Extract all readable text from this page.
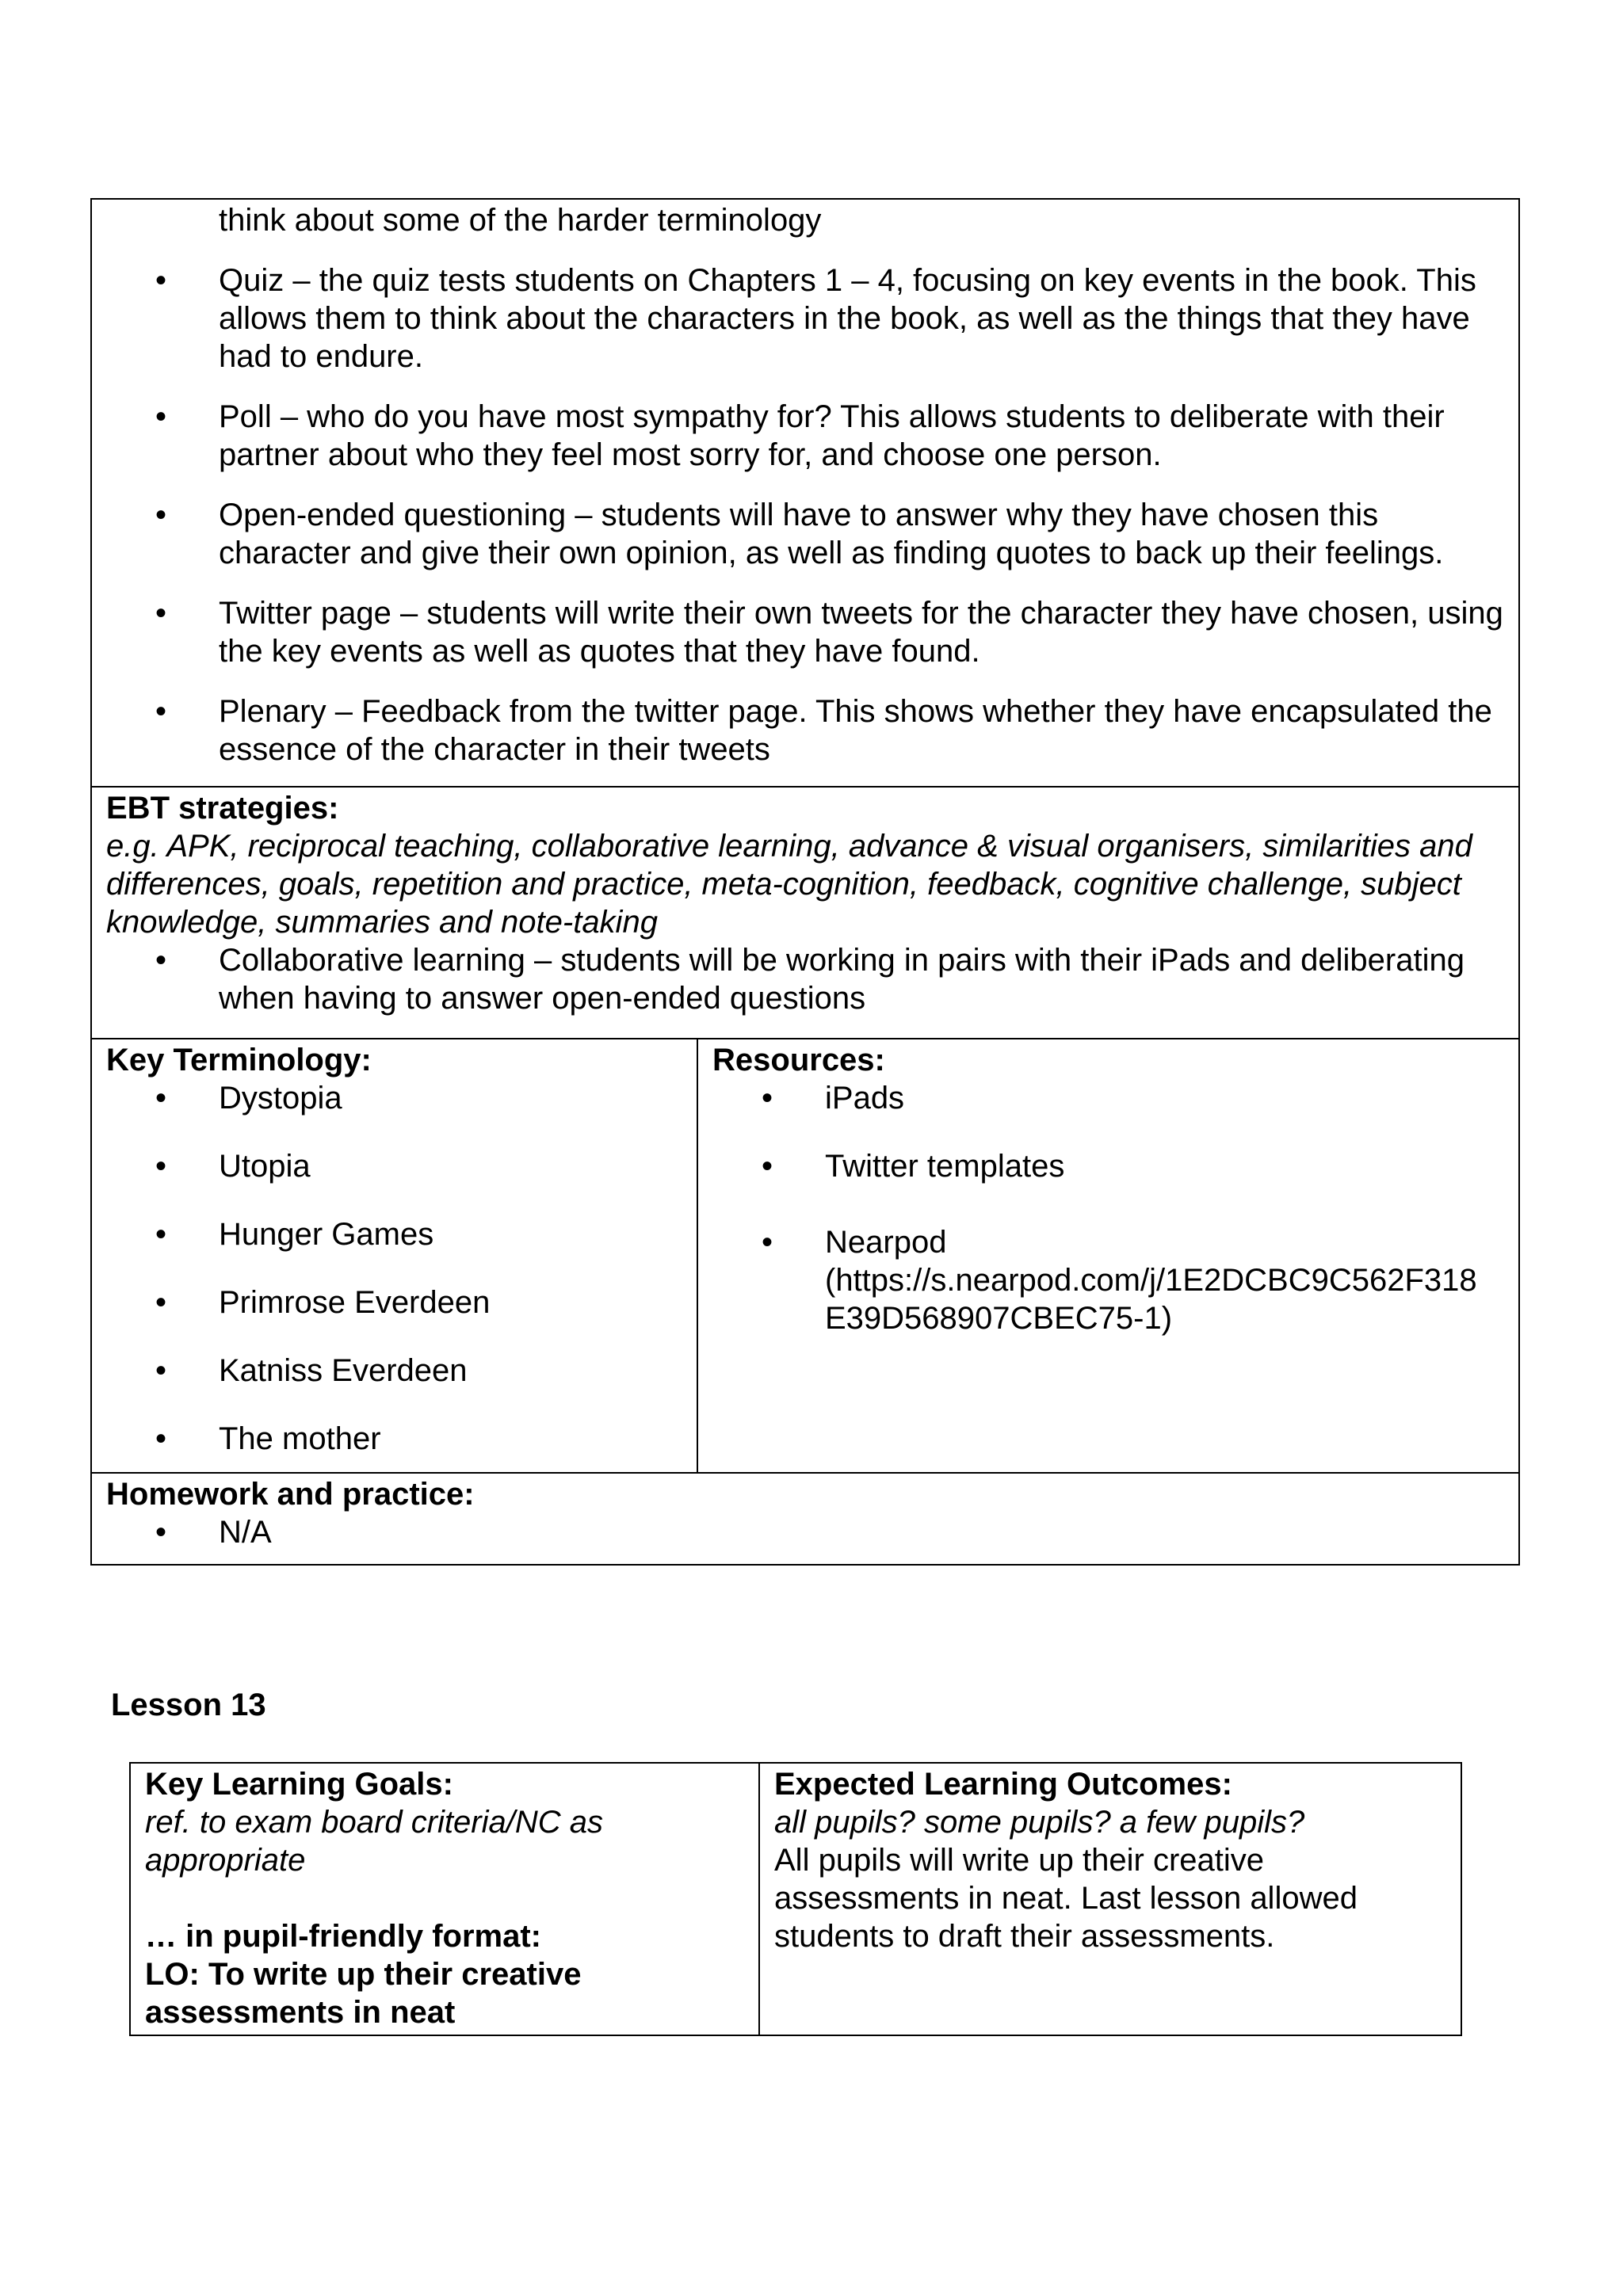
think about some of the harder terminology
• Quiz – the quiz tests students on Chapters 1 – 4, focusing on key events in the book. This allows them to think about the characters in the book, as well as the things that they have had to endure.
• Poll – who do you have most sympathy for? This allows students to deliberate with their partner about who they feel most sorry for, and choose one person.
• Open-ended questioning – students will have to answer why they have chosen this character and give their own opinion, as well as finding quotes to back up their feelings.
• Twitter page – students will write their own tweets for the character they have chosen, using the key events as well as quotes that they have found.
• Plenary – Feedback from the twitter page. This shows whether they have encapsulated the essence of the character in their tweets

EBT strategies:
e.g. APK, reciprocal teaching, collaborative learning, advance & visual organisers, similarities and differences, goals, repetition and practice, meta-cognition, feedback, cognitive challenge, subject knowledge, summaries and note-taking
• Collaborative learning – students will be working in pairs with their iPads and deliberating when having to answer open-ended questions

Key Terminology:
• Dystopia
• Utopia
• Hunger Games
• Primrose Everdeen
• Katniss Everdeen
• The mother

Resources:
• iPads
• Twitter templates
• Nearpod
(https://s.nearpod.com/j/1E2DCBC9C562F318
E39D568907CBEC75-1)

Homework and practice:
• N/A
Lesson 13
Key Learning Goals:
ref. to exam board criteria/NC as appropriate
… in pupil-friendly format:
LO: To write up their creative assessments in neat

Expected Learning Outcomes:
all pupils? some pupils? a few pupils?
All pupils will write up their creative assessments in neat. Last lesson allowed students to draft their assessments.
